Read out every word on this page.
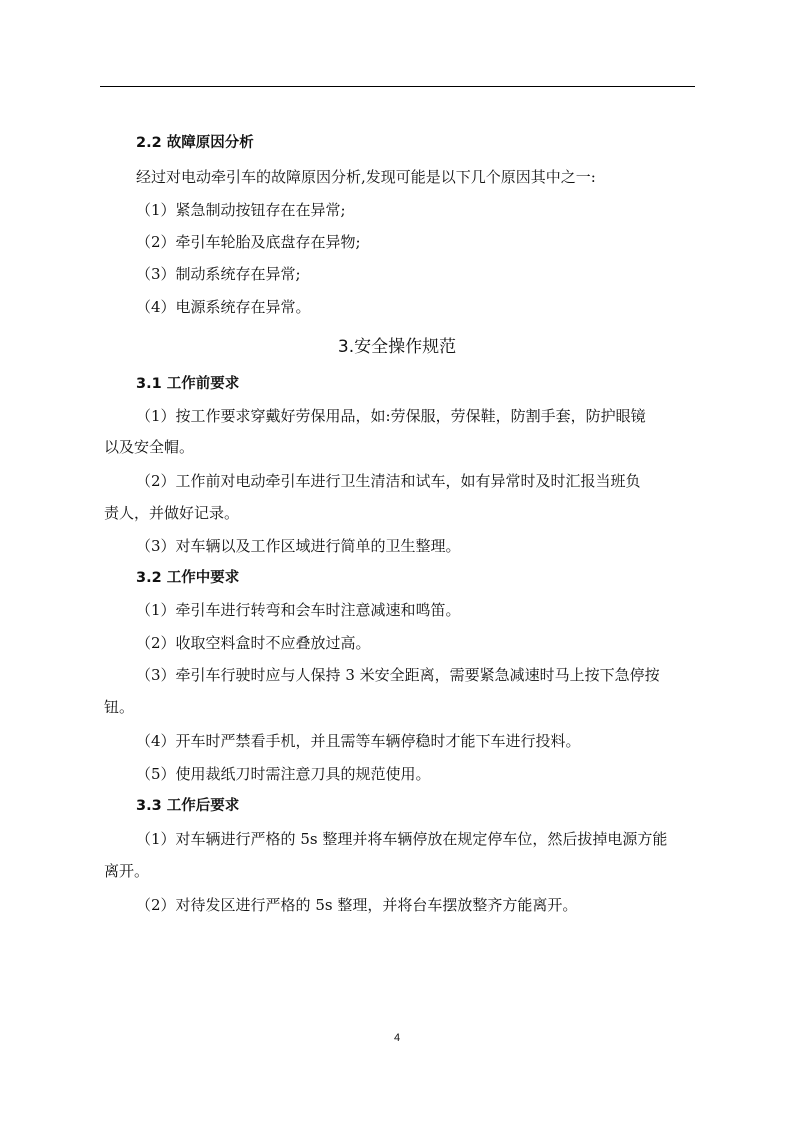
2.2 故障原因分析
经过对电动牵引车的故障原因分析,发现可能是以下几个原因其中之一:
（1）紧急制动按钮存在在异常;
（2）牵引车轮胎及底盘存在异物;
（3）制动系统存在异常;
（4）电源系统存在异常。
3.安全操作规范
3.1 工作前要求
（1）按工作要求穿戴好劳保用品，如:劳保服，劳保鞋，防割手套，防护眼镜
以及安全帽。
（2）工作前对电动牵引车进行卫生清洁和试车，如有异常时及时汇报当班负
责人，并做好记录。
（3）对车辆以及工作区域进行简单的卫生整理。
3.2 工作中要求
（1）牵引车进行转弯和会车时注意减速和鸣笛。
（2）收取空料盒时不应叠放过高。
（3）牵引车行驶时应与人保持 3 米安全距离，需要紧急减速时马上按下急停按
钮。
（4）开车时严禁看手机，并且需等车辆停稳时才能下车进行投料。
（5）使用裁纸刀时需注意刀具的规范使用。
3.3 工作后要求
（1）对车辆进行严格的 5s 整理并将车辆停放在规定停车位，然后拔掉电源方能
离开。
（2）对待发区进行严格的 5s 整理，并将台车摆放整齐方能离开。
4
